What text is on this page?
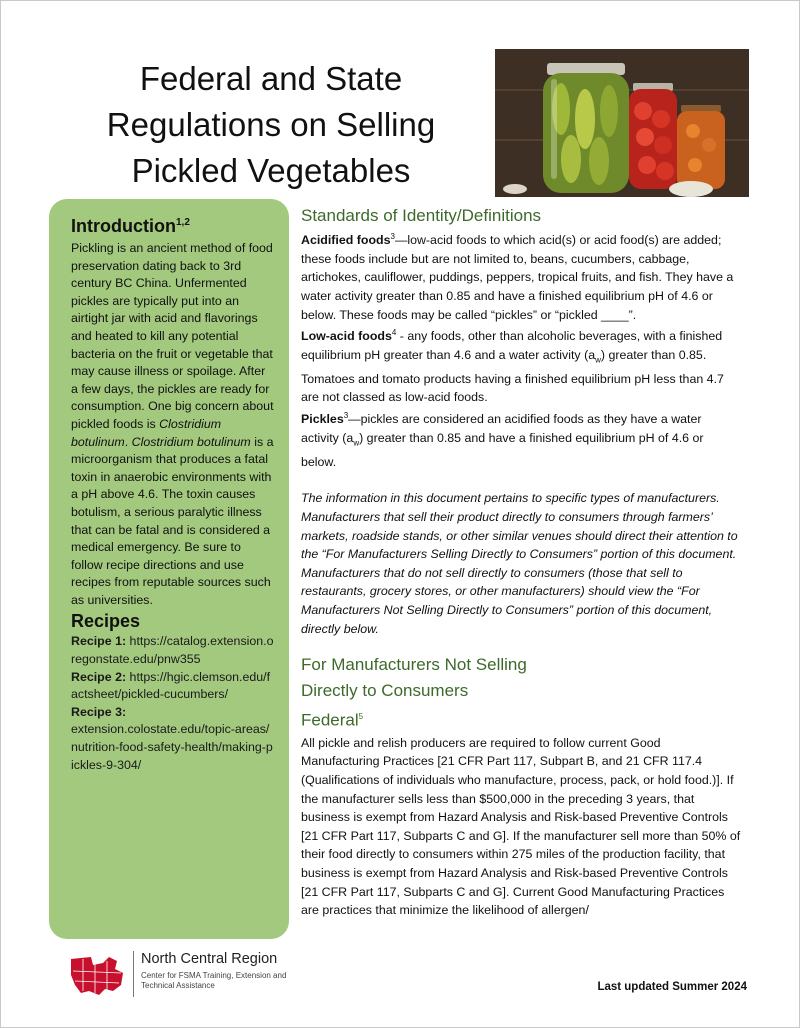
Federal and State
Regulations on Selling
Pickled Vegetables
Introduction$^{1,2}$
Pickling is an ancient method of food preservation dating back to 3rd century BC China. Unfermented pickles are typically put into an airtight jar with acid and flavorings and heated to kill any potential bacteria on the fruit or vegetable that may cause illness or spoilage. After a few days, the pickles are ready for consumption. One big concern about pickled foods is Clostridium botulinum. Clostridium botulinum is a microorganism that produces a fatal toxin in anaerobic environments with a pH above 4.6. The toxin causes botulism, a serious paralytic illness that can be fatal and is considered a medical emergency. Be sure to follow recipe directions and use recipes from reputable sources such as universities.
Recipes
Recipe 1: https://catalog.extension.oregonstate.edu/pnw355
Recipe 2: https://hgic.clemson.edu/factsheet/pickled-cucumbers/
Recipe 3:
extension.colostate.edu/topic-areas/nutrition-food-safety-health/making-pickles-9-304/
Standards of Identity/Definitions

Acidified foods$^3$—low-acid foods to which acid(s) or acid food(s) are added; these foods include but are not limited to, beans, cucumbers, cabbage, artichokes, cauliflower, puddings, peppers, tropical fruits, and fish. They have a water activity greater than 0.85 and have a finished equilibrium pH of 4.6 or below. These foods may be called “pickles” or “pickled ____”.

Low-acid foods$^4$ - any foods, other than alcoholic beverages, with a finished equilibrium pH greater than 4.6 and a water activity $(a_w)$ greater than 0.85. Tomatoes and tomato products having a finished equilibrium pH less than 4.7 are not classed as low-acid foods.

Pickles$^3$—pickles are considered an acidified foods as they have a water activity $(a_w)$ greater than 0.85 and have a finished equilibrium pH of 4.6 or below.

The information in this document pertains to specific types of manufacturers. Manufacturers that sell their product directly to consumers through farmers’ markets, roadside stands, or other similar venues should direct their attention to the “For Manufacturers Selling Directly to Consumers” portion of this document. Manufacturers that do not sell directly to consumers (those that sell to restaurants, grocery stores, or other manufacturers) should view the “For Manufacturers Not Selling Directly to Consumers” portion of this document, directly below.

For Manufacturers Not Selling
Directly to Consumers
Federal$^5$

All pickle and relish producers are required to follow current Good Manufacturing Practices [21 CFR Part 117, Subpart B, and 21 CFR 117.4 (Qualifications of individuals who manufacture, process, pack, or hold food.)]. If the manufacturer sells less than $500,000 in the preceding 3 years, that business is exempt from Hazard Analysis and Risk-based Preventive Controls [21 CFR Part 117, Subparts C and G]. If the manufacturer sell more than 50% of their food directly to consumers within 275 miles of the production facility, that business is exempt from Hazard Analysis and Risk-based Preventive Controls [21 CFR Part 117, Subparts C and G]. Current Good Manufacturing Practices are practices that minimize the likelihood of allergen/

North Central Region
Center for FSMA Training, Extension and Technical Assistance	Last updated Summer 2024
